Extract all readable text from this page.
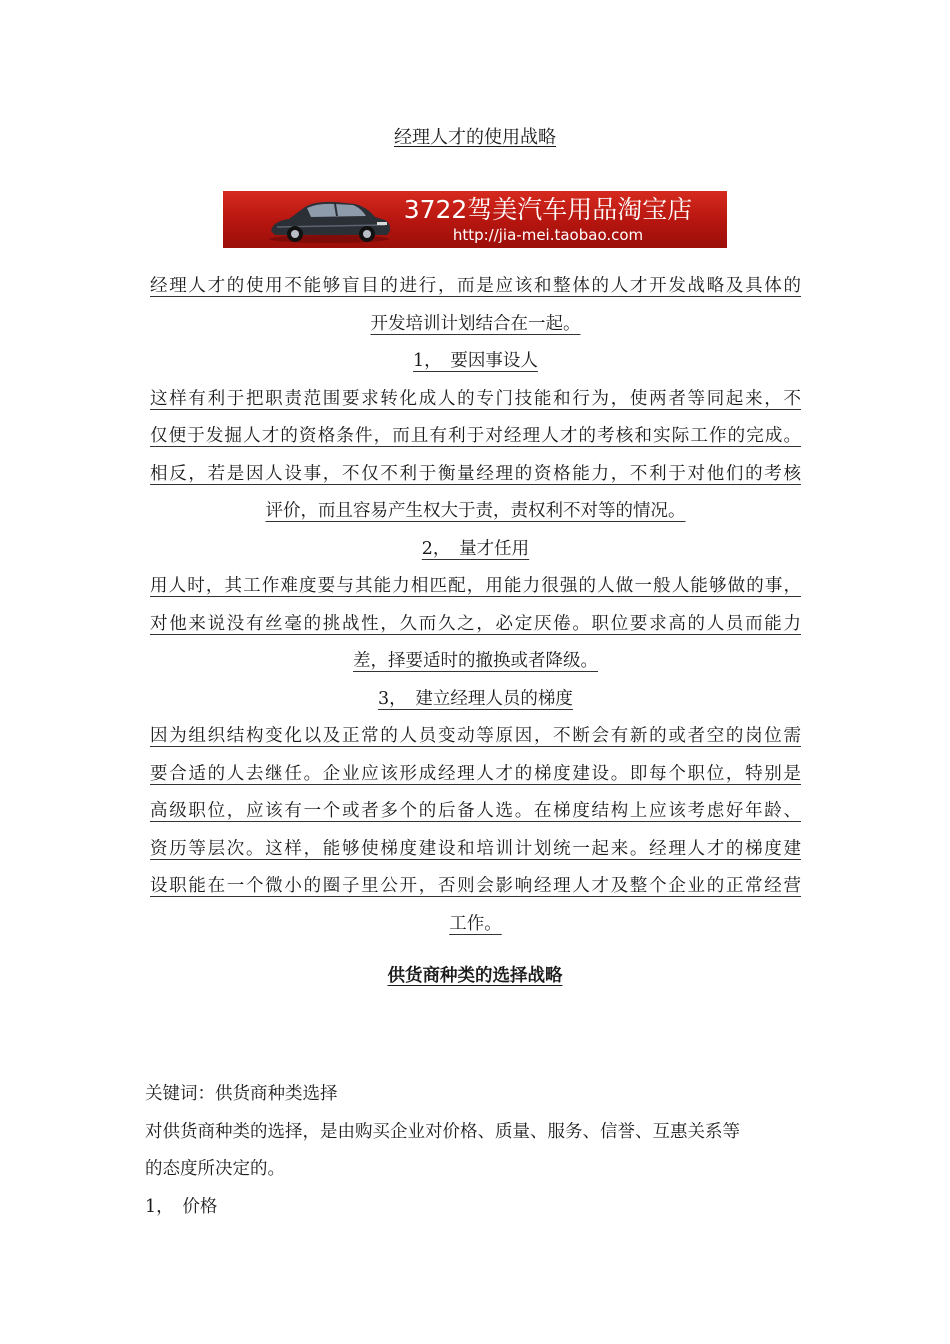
经理人才的使用战略
3722驾美汽车用品淘宝店
http://jia-mei.taobao.com
经理人才的使用不能够盲目的进行，而是应该和整体的人才开发战略及具体的
开发培训计划结合在一起。
1，　要因事设人
这样有利于把职责范围要求转化成人的专门技能和行为，使两者等同起来，不
仅便于发掘人才的资格条件，而且有利于对经理人才的考核和实际工作的完成。
相反，若是因人设事，不仅不利于衡量经理的资格能力，不利于对他们的考核
评价，而且容易产生权大于责，责权利不对等的情况。
2，　量才任用
用人时，其工作难度要与其能力相匹配，用能力很强的人做一般人能够做的事，
对他来说没有丝毫的挑战性，久而久之，必定厌倦。职位要求高的人员而能力
差，择要适时的撤换或者降级。
3，　建立经理人员的梯度
因为组织结构变化以及正常的人员变动等原因，不断会有新的或者空的岗位需
要合适的人去继任。企业应该形成经理人才的梯度建设。即每个职位，特别是
高级职位，应该有一个或者多个的后备人选。在梯度结构上应该考虑好年龄、
资历等层次。这样，能够使梯度建设和培训计划统一起来。经理人才的梯度建
设职能在一个微小的圈子里公开，否则会影响经理人才及整个企业的正常经营
工作。
供货商种类的选择战略
关键词：供货商种类选择
对供货商种类的选择，是由购买企业对价格、质量、服务、信誉、互惠关系等
的态度所决定的。
1，　价格
